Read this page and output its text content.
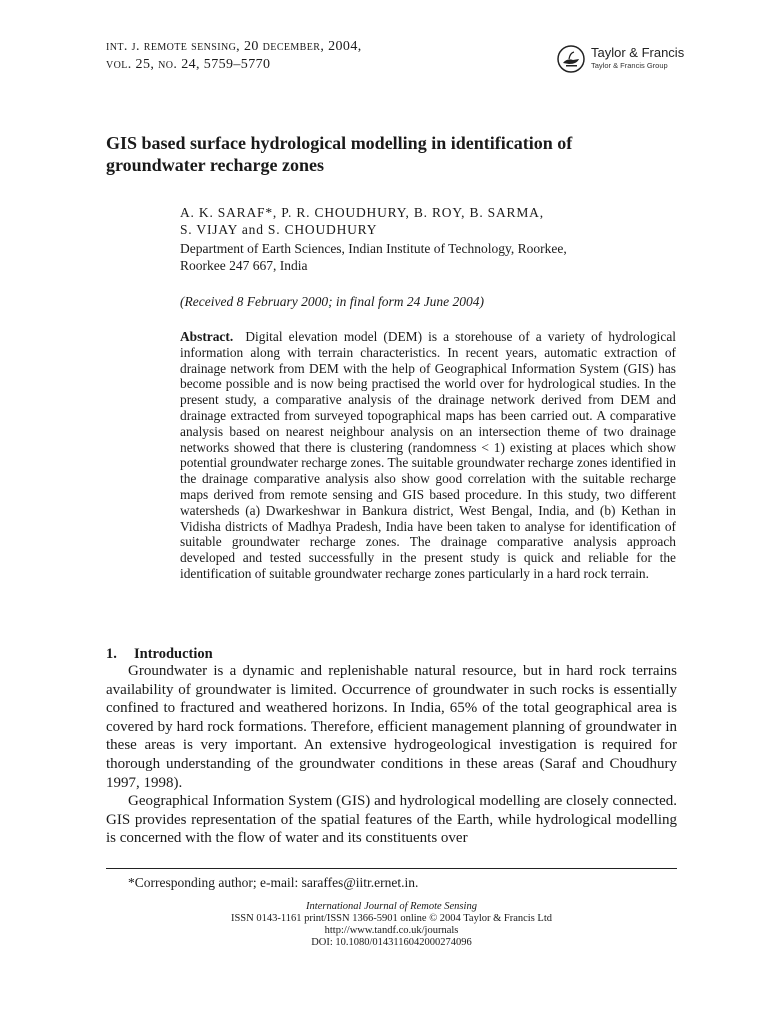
int. j. remote sensing, 20 december, 2004,
vol. 25, no. 24, 5759–5770
Taylor & Francis
Taylor & Francis Group
GIS based surface hydrological modelling in identification of groundwater recharge zones
A. K. SARAF*, P. R. CHOUDHURY, B. ROY, B. SARMA,
S. VIJAY and S. CHOUDHURY
Department of Earth Sciences, Indian Institute of Technology, Roorkee,
Roorkee 247 667, India
(Received 8 February 2000; in final form 24 June 2004)

Abstract. Digital elevation model (DEM) is a storehouse of a variety of hydrological information along with terrain characteristics. In recent years, automatic extraction of drainage network from DEM with the help of Geographical Information System (GIS) has become possible and is now being practised the world over for hydrological studies. In the present study, a comparative analysis of the drainage network derived from DEM and drainage extracted from surveyed topographical maps has been carried out. A comparative analysis based on nearest neighbour analysis on an intersection theme of two drainage networks showed that there is clustering (randomness < 1) existing at places which show potential groundwater recharge zones. The suitable groundwater recharge zones identified in the drainage comparative analysis also show good correlation with the suitable recharge maps derived from remote sensing and GIS based procedure. In this study, two different watersheds (a) Dwarkeshwar in Bankura district, West Bengal, India, and (b) Kethan in Vidisha districts of Madhya Pradesh, India have been taken to analyse for identification of suitable groundwater recharge zones. The drainage comparative analysis approach developed and tested successfully in the present study is quick and reliable for the identification of suitable groundwater recharge zones particularly in a hard rock terrain.

1. Introduction

Groundwater is a dynamic and replenishable natural resource, but in hard rock terrains availability of groundwater is limited. Occurrence of groundwater in such rocks is essentially confined to fractured and weathered horizons. In India, 65% of the total geographical area is covered by hard rock formations. Therefore, efficient management planning of groundwater in these areas is very important. An extensive hydrogeological investigation is required for thorough understanding of the groundwater conditions in these areas (Saraf and Choudhury 1997, 1998).

Geographical Information System (GIS) and hydrological modelling are closely connected. GIS provides representation of the spatial features of the Earth, while hydrological modelling is concerned with the flow of water and its constituents over

*Corresponding author; e-mail: saraffes@iitr.ernet.in.
International Journal of Remote Sensing
ISSN 0143-1161 print/ISSN 1366-5901 online © 2004 Taylor & Francis Ltd
http://www.tandf.co.uk/journals
DOI: 10.1080/0143116042000274096
